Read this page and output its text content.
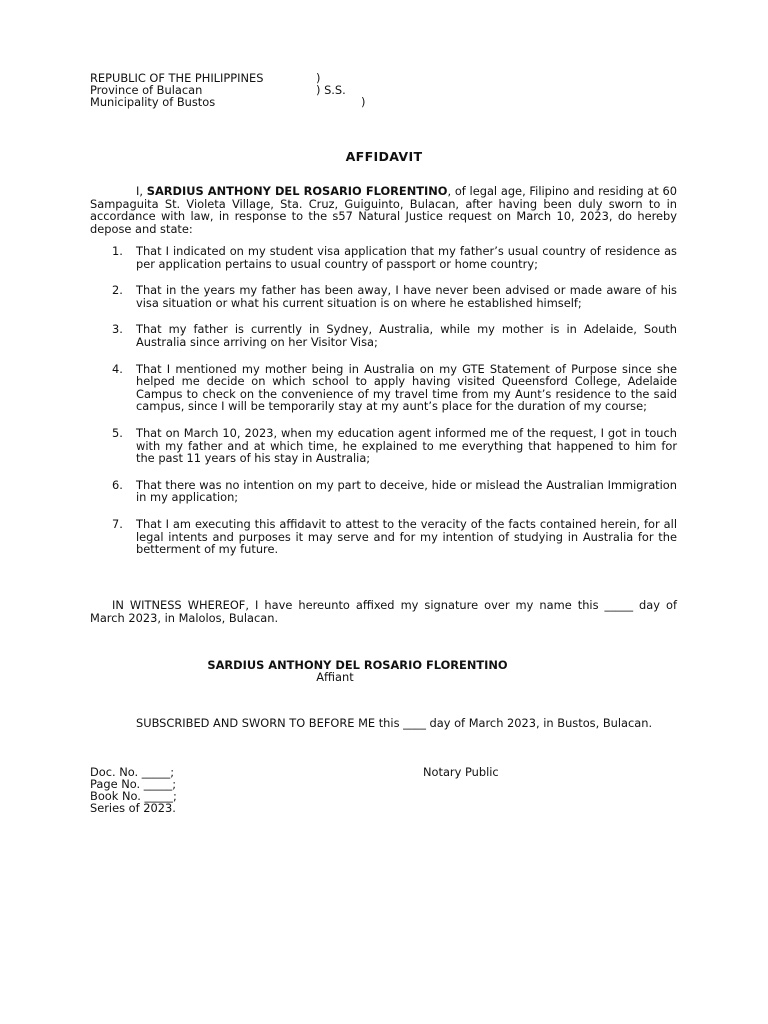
REPUBLIC OF THE PHILIPPINES	)
Province of Bulacan	) S.S.
Municipality of Bustos	)
AFFIDAVIT

I, SARDIUS ANTHONY DEL ROSARIO FLORENTINO, of legal age, Filipino and residing at 60 Sampaguita St. Violeta Village, Sta. Cruz, Guiguinto, Bulacan, after having been duly sworn to in accordance with law, in response to the s57 Natural Justice request on March 10, 2023, do hereby depose and state:

1. That I indicated on my student visa application that my father’s usual country of residence as per application pertains to usual country of passport or home country;
2. That in the years my father has been away, I have never been advised or made aware of his visa situation or what his current situation is on where he established himself;
3. That my father is currently in Sydney, Australia, while my mother is in Adelaide, South Australia since arriving on her Visitor Visa;
4. That I mentioned my mother being in Australia on my GTE Statement of Purpose since she helped me decide on which school to apply having visited Queensford College, Adelaide Campus to check on the convenience of my travel time from my Aunt’s residence to the said campus, since I will be temporarily stay at my aunt’s place for the duration of my course;
5. That on March 10, 2023, when my education agent informed me of the request, I got in touch with my father and at which time, he explained to me everything that happened to him for the past 11 years of his stay in Australia;
6. That there was no intention on my part to deceive, hide or mislead the Australian Immigration in my application;
7. That I am executing this affidavit to attest to the veracity of the facts contained herein, for all legal intents and purposes it may serve and for my intention of studying in Australia for the betterment of my future.

IN WITNESS WHEREOF, I have hereunto affixed my signature over my name this _____ day of March 2023, in Malolos, Bulacan.

SARDIUS ANTHONY DEL ROSARIO FLORENTINO
Affiant

SUBSCRIBED AND SWORN TO BEFORE ME this ____ day of March 2023, in Bustos, Bulacan.

Doc. No. _____;
Page No. _____;
Book No. _____;
Series of 2023.
Notary Public
